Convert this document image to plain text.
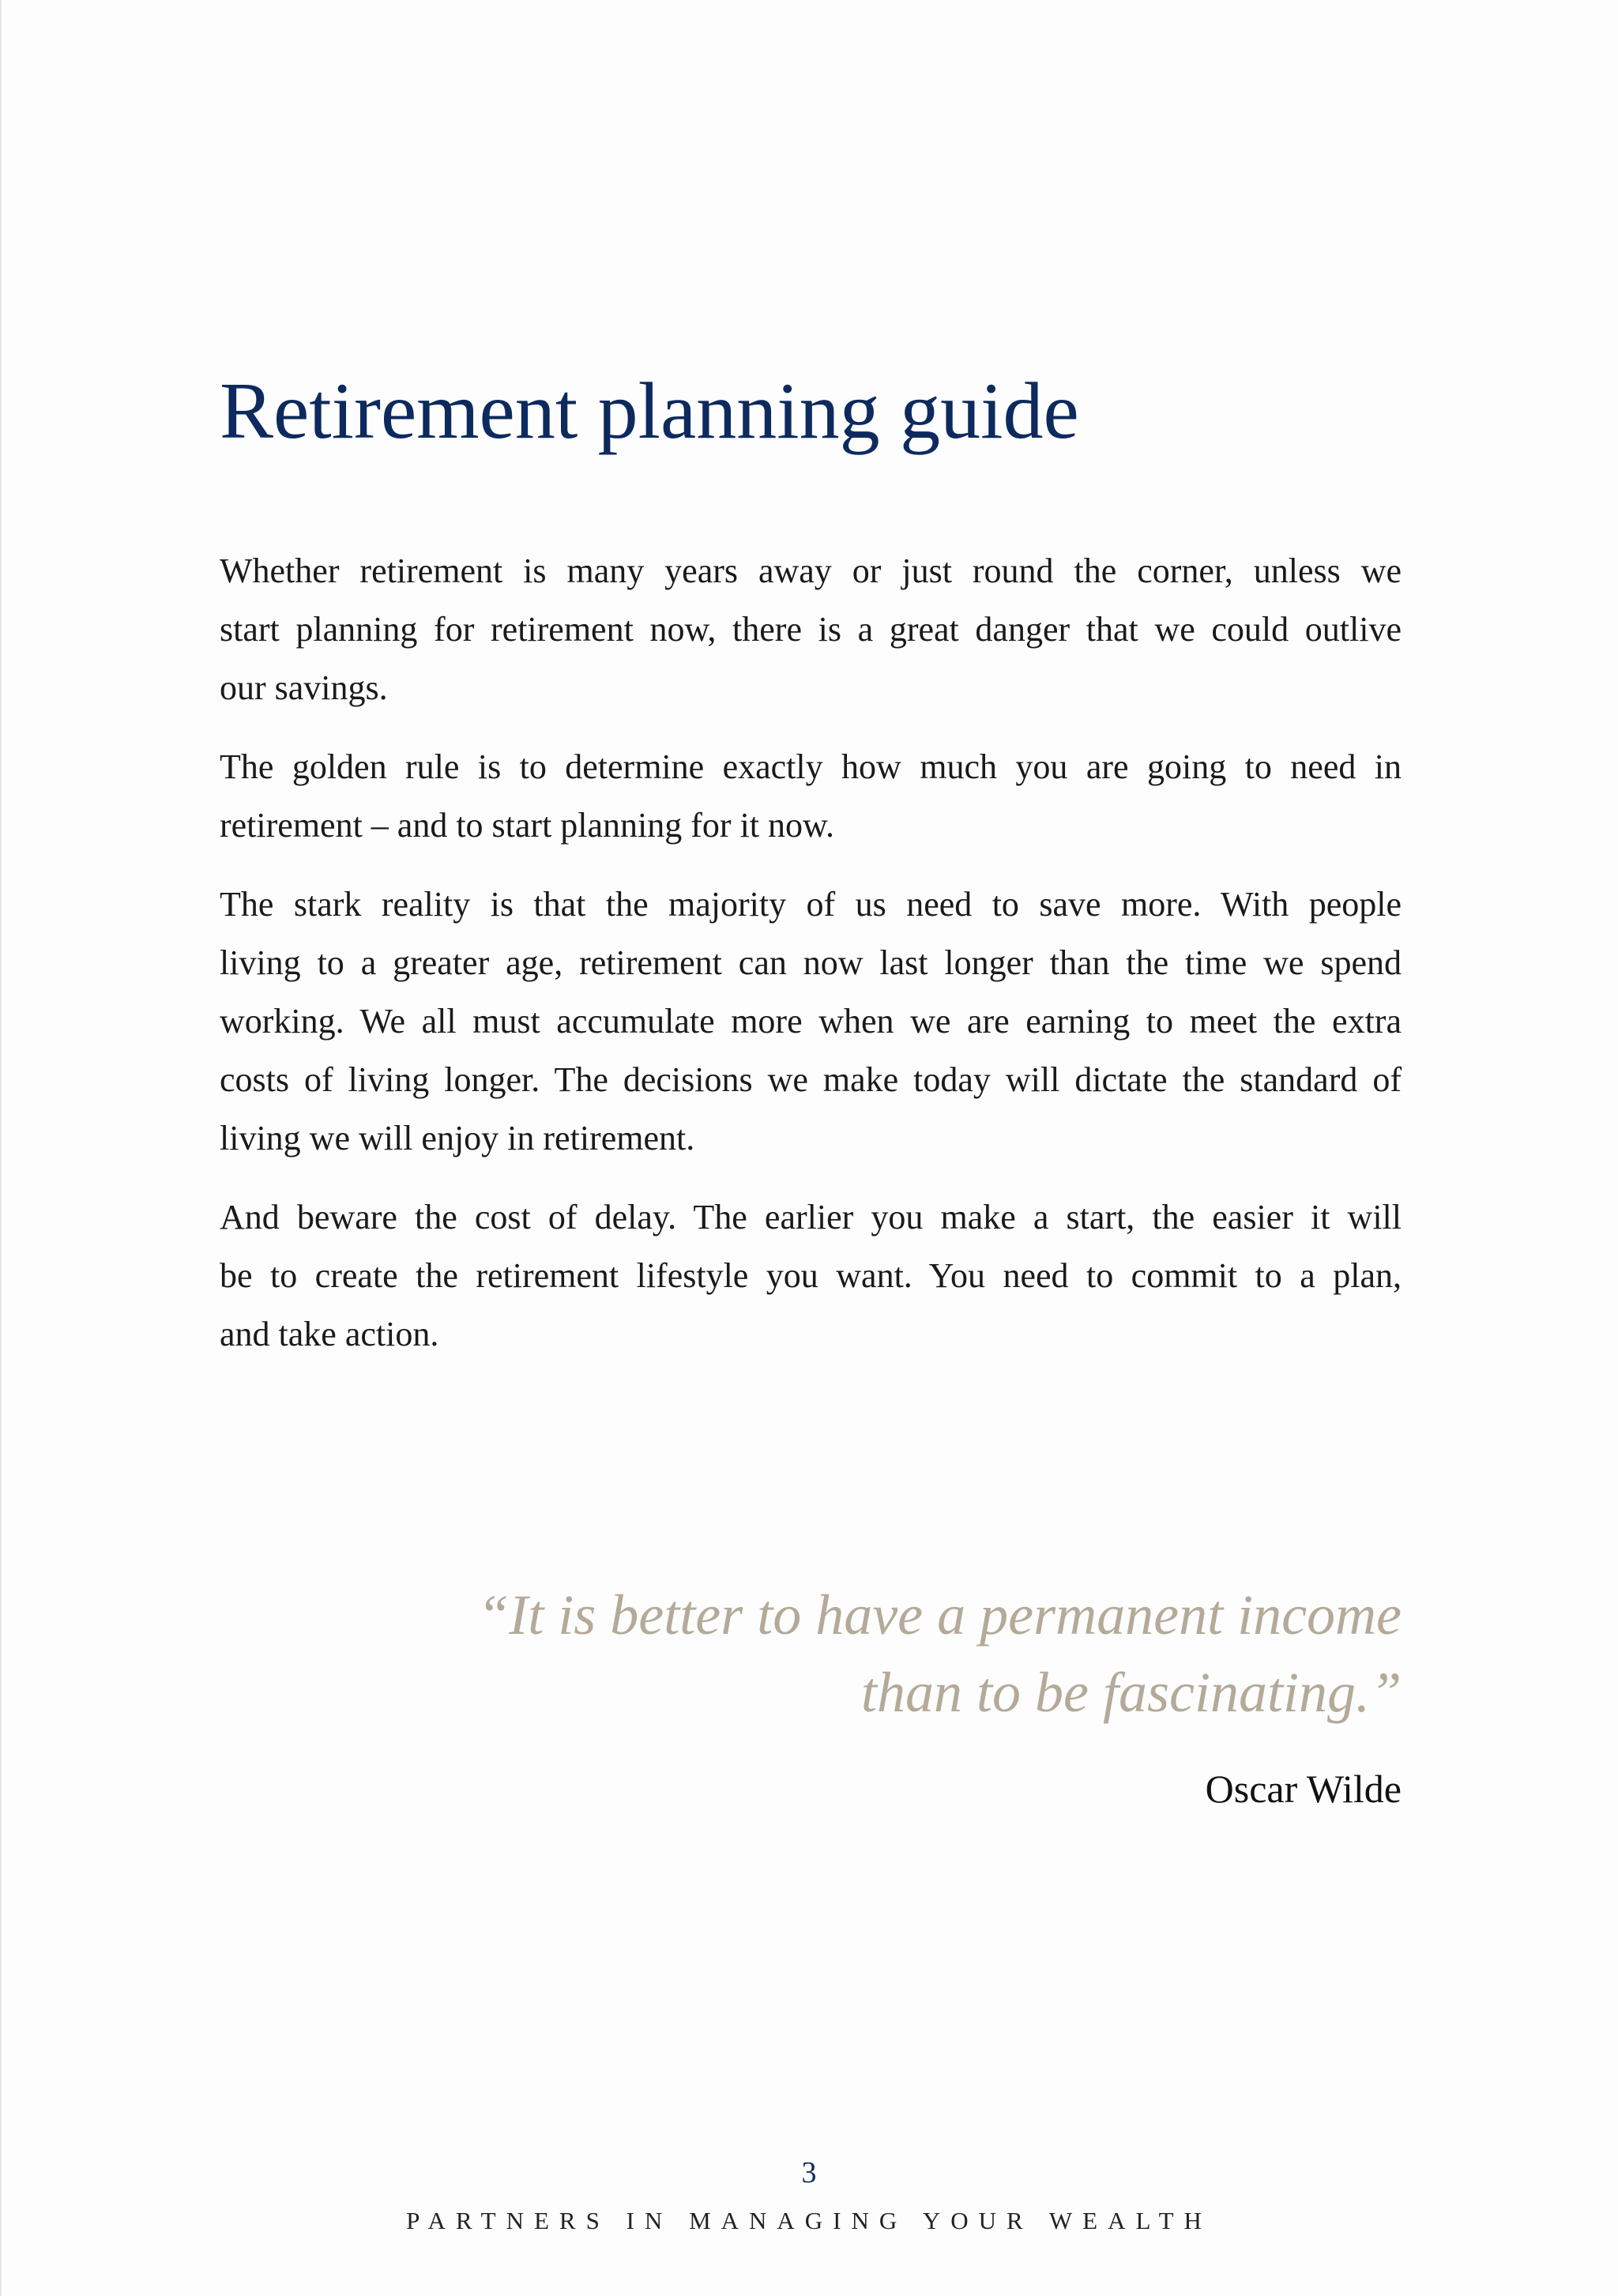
Retirement planning guide

Whether retirement is many years away or just round the corner, unless we
start planning for retirement now, there is a great danger that we could outlive
our savings.

The golden rule is to determine exactly how much you are going to need in
retirement – and to start planning for it now.

The stark reality is that the majority of us need to save more. With people
living to a greater age, retirement can now last longer than the time we spend
working. We all must accumulate more when we are earning to meet the extra
costs of living longer. The decisions we make today will dictate the standard of
living we will enjoy in retirement.

And beware the cost of delay. The earlier you make a start, the easier it will
be to create the retirement lifestyle you want. You need to commit to a plan,
and take action.

“It is better to have a permanent income
than to be fascinating.”
Oscar Wilde
3
PARTNERS IN MANAGING YOUR WEALTH
